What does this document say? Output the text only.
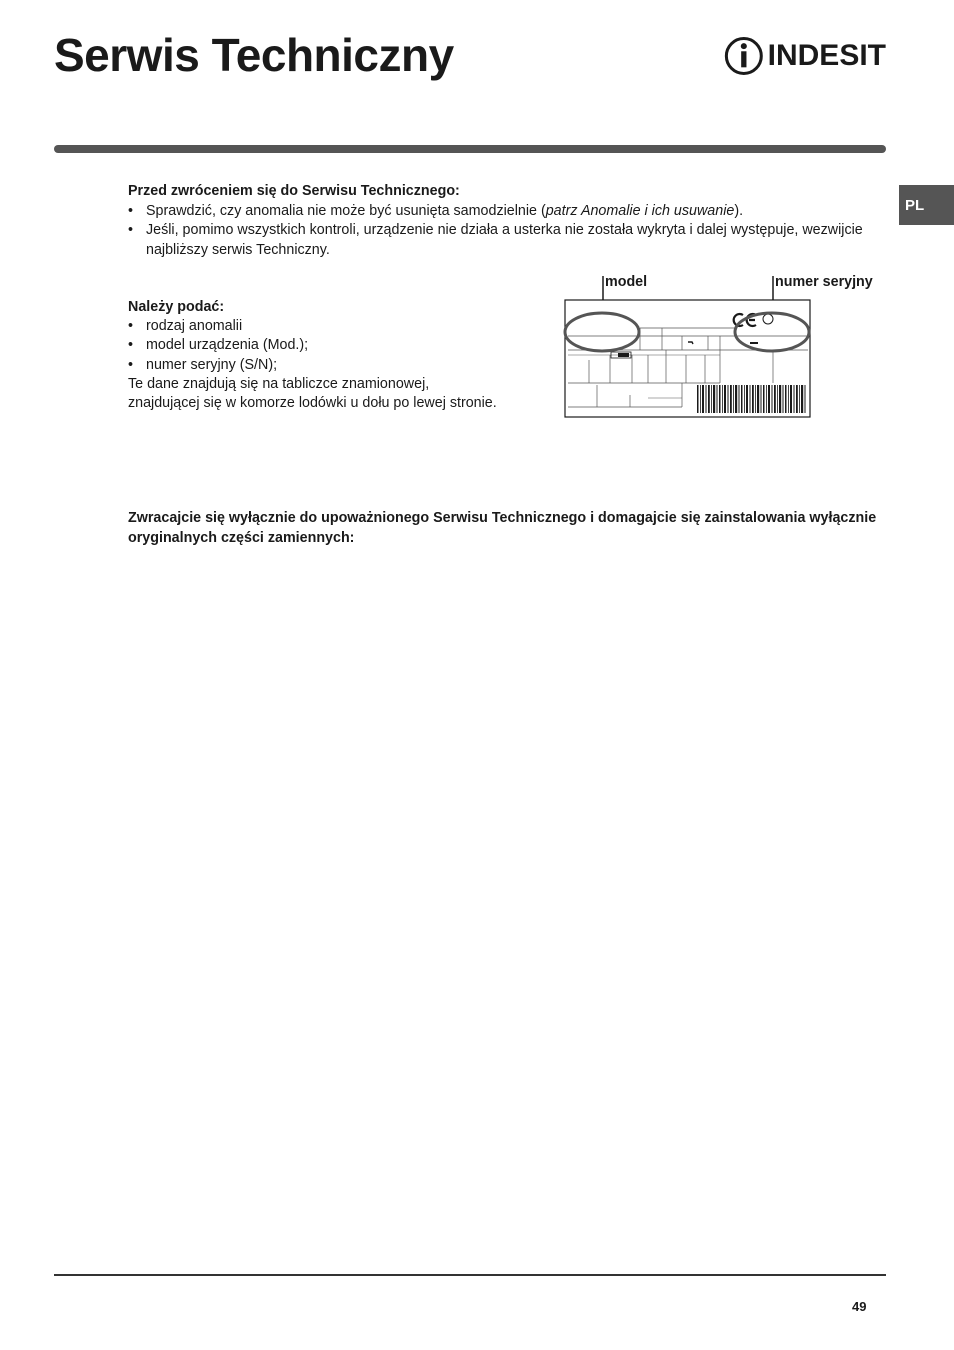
Serwis Techniczny	INDESIT
PL
Przed zwróceniem się do Serwisu Technicznego:
• Sprawdzić, czy anomalia nie może być usunięta samodzielnie (patrz Anomalie i ich usuwanie).
• Jeśli, pomimo wszystkich kontroli, urządzenie nie działa a usterka nie została wykryta i dalej występuje, wezwijcie najbliższy serwis Techniczny.
Należy podać:
• rodzaj anomalii
• model urządzenia (Mod.);
• numer seryjny (S/N);
Te dane znajdują się na tabliczce znamionowej,
znajdującej się w komorze lodówki u dołu po lewej stronie.
model	numer seryjny
Zwracajcie się wyłącznie do upoważnionego Serwisu Technicznego i domagajcie się zainstalowania wyłącznie oryginalnych części zamiennych:
49
